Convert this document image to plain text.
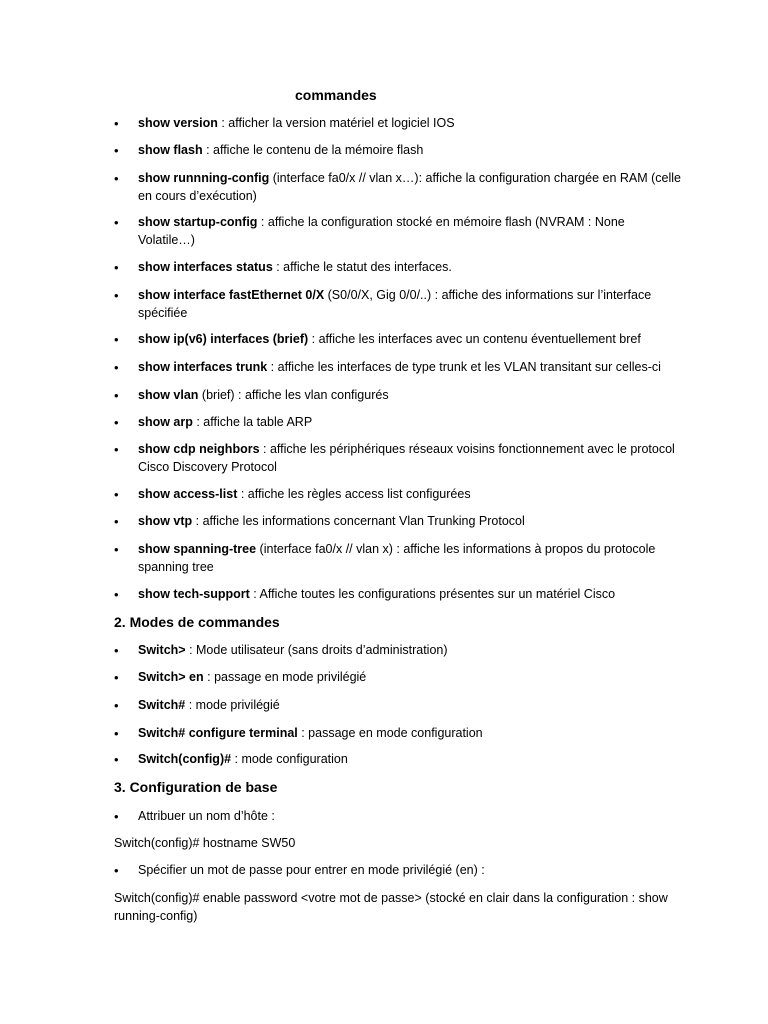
commandes
• show version : afficher la version matériel et logiciel IOS
• show flash : affiche le contenu de la mémoire flash
• show runnning-config (interface fa0/x // vlan x…): affiche la configuration chargée en RAM (celle en cours d’exécution)
• show startup-config : affiche la configuration stocké en mémoire flash (NVRAM : None Volatile…)
• show interfaces status : affiche le statut des interfaces.
• show interface fastEthernet 0/X (S0/0/X, Gig 0/0/..) : affiche des informations sur l’interface spécifiée
• show ip(v6) interfaces (brief) : affiche les interfaces avec un contenu éventuellement bref
• show interfaces trunk : affiche les interfaces de type trunk et les VLAN transitant sur celles-ci
• show vlan (brief) : affiche les vlan configurés
• show arp : affiche la table ARP
• show cdp neighbors : affiche les périphériques réseaux voisins fonctionnement avec le protocol Cisco Discovery Protocol
• show access-list : affiche les règles access list configurées
• show vtp : affiche les informations concernant Vlan Trunking Protocol
• show spanning-tree (interface fa0/x // vlan x) : affiche les informations à propos du protocole spanning tree
• show tech-support : Affiche toutes les configurations présentes sur un matériel Cisco
2. Modes de commandes
• Switch> : Mode utilisateur (sans droits d’administration)
• Switch> en : passage en mode privilégié
• Switch# : mode privilégié
• Switch# configure terminal : passage en mode configuration
• Switch(config)# : mode configuration
3. Configuration de base
• Attribuer un nom d’hôte :
Switch(config)# hostname SW50
• Spécifier un mot de passe pour entrer en mode privilégié (en) :
Switch(config)# enable password <votre mot de passe> (stocké en clair dans la configuration : show running-config)
